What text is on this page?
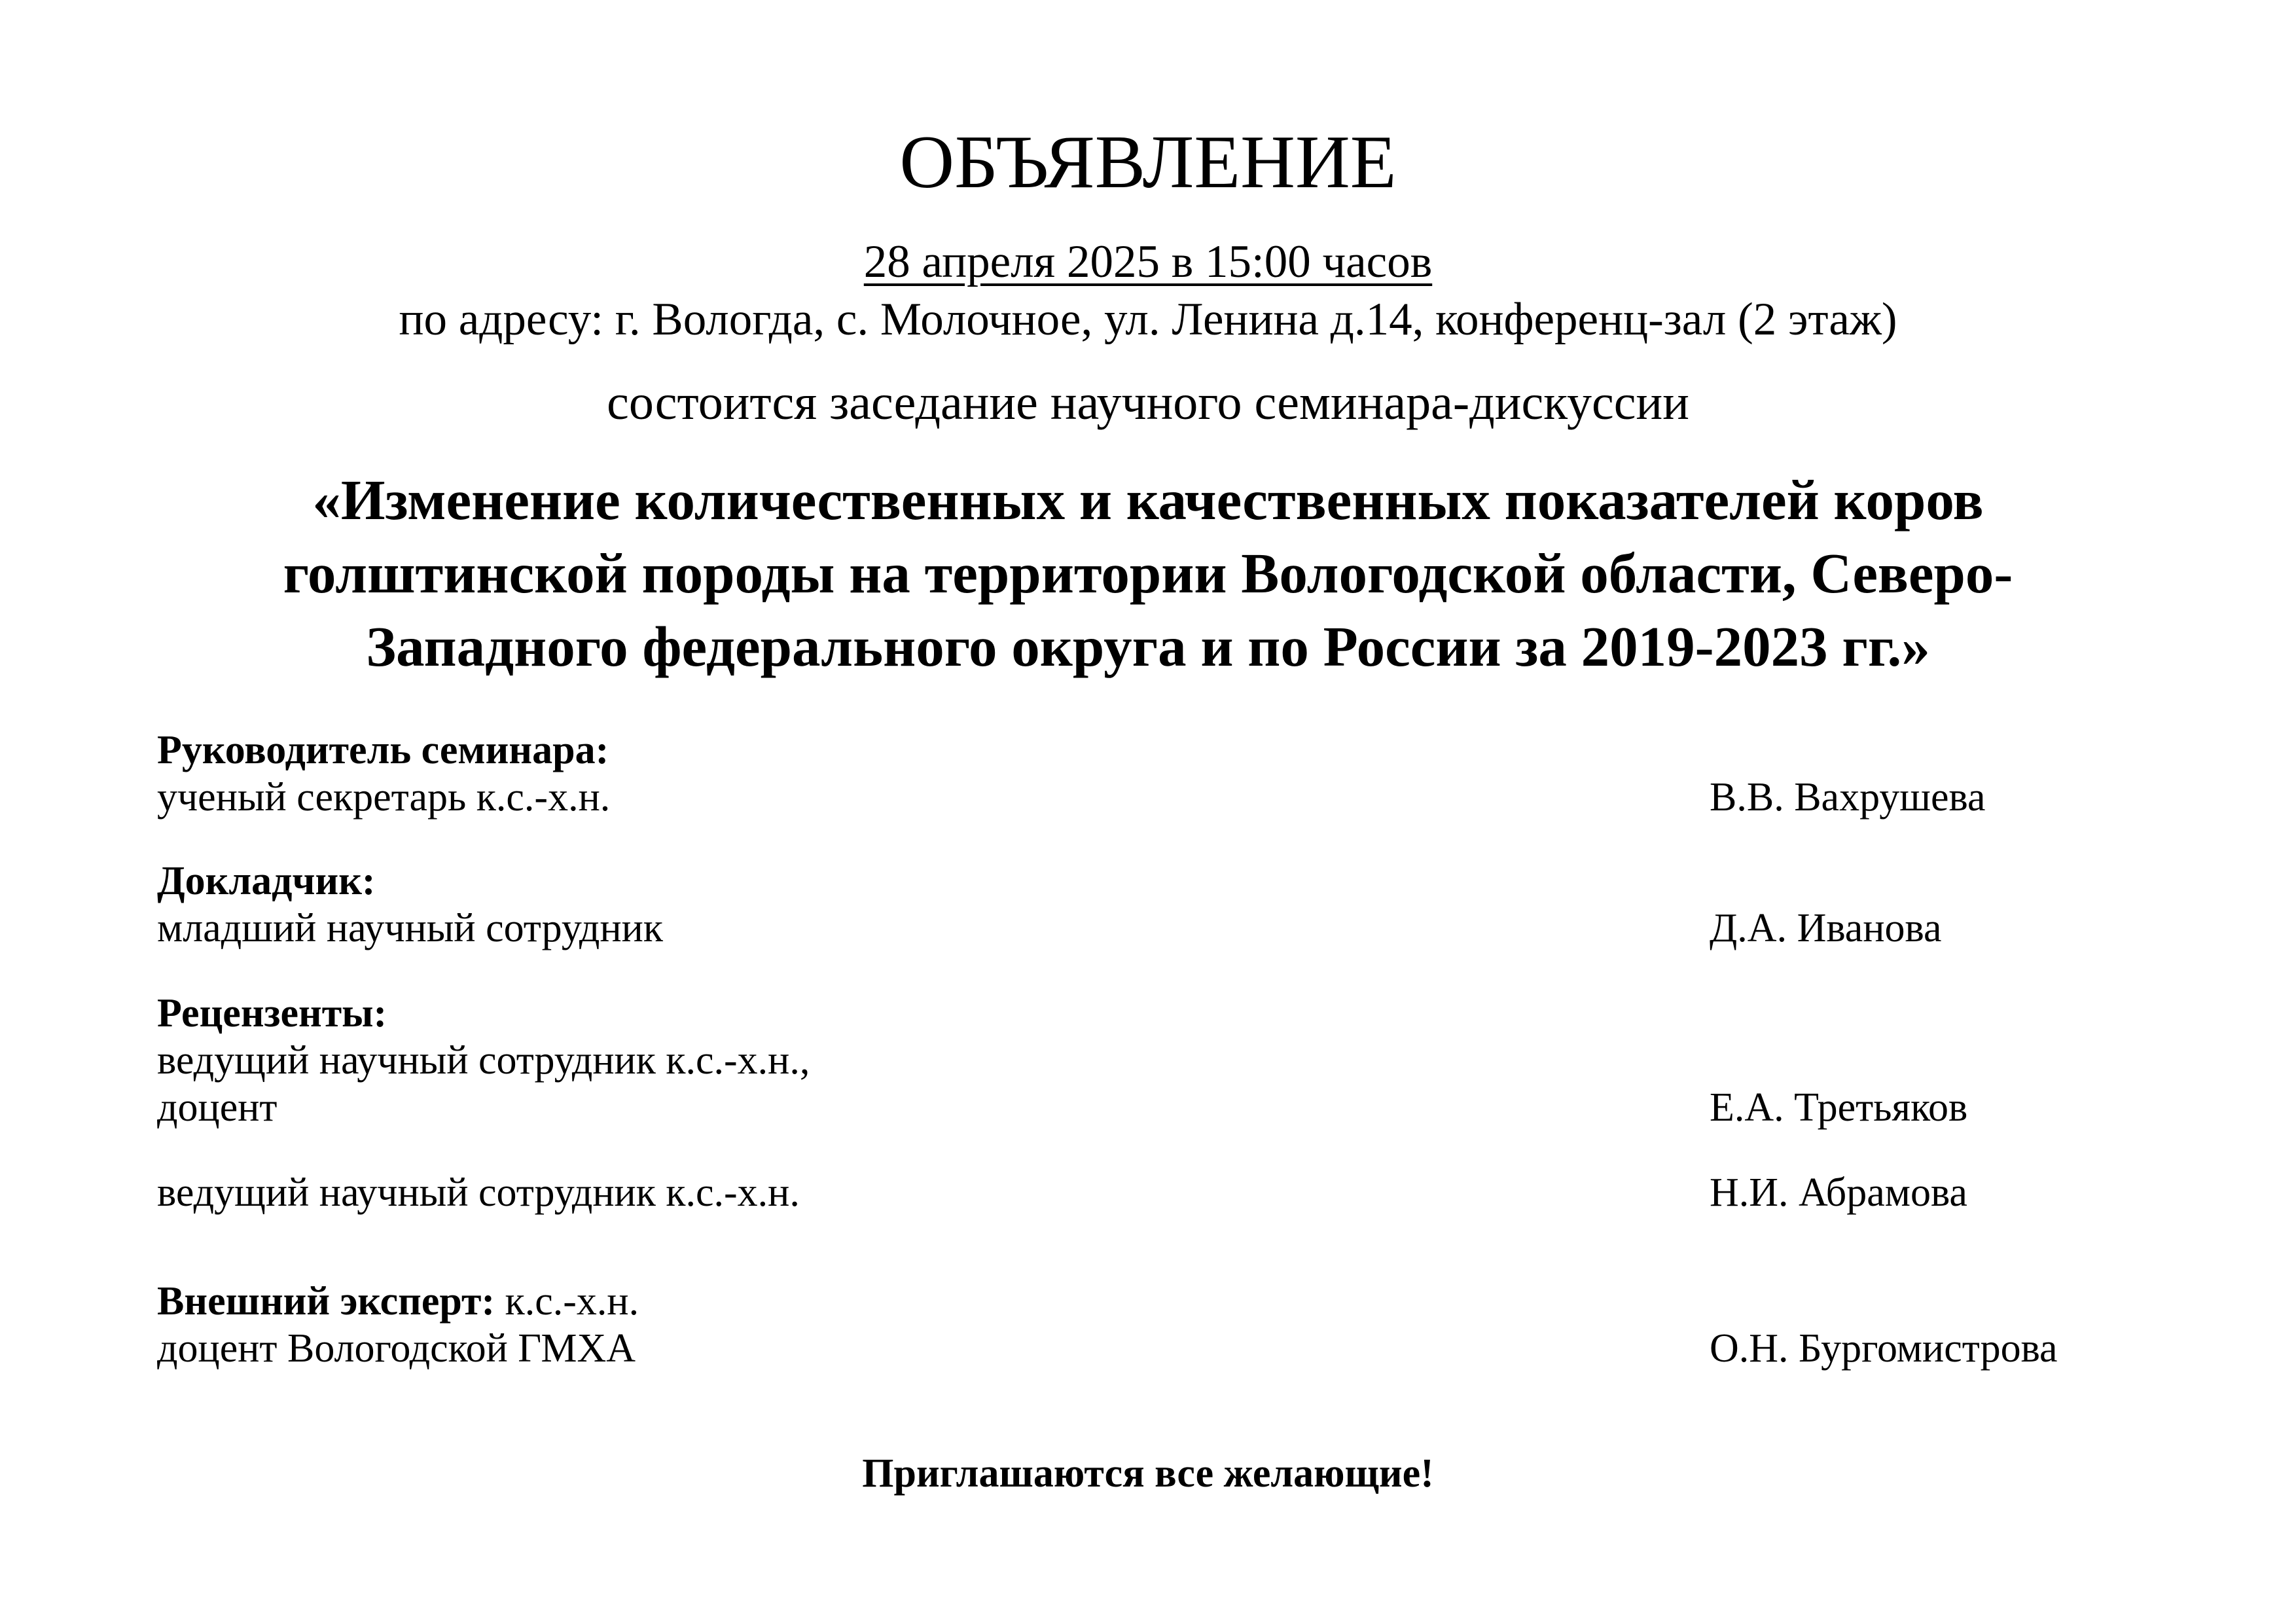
ОБЪЯВЛЕНИЕ
28 апреля 2025 в 15:00 часов
по адресу: г. Вологда, с. Молочное, ул. Ленина д.14, конференц-зал (2 этаж)
состоится заседание научного семинара-дискуссии
«Изменение количественных и качественных показателей коров
голштинской породы на территории Вологодской области, Северо-
Западного федерального округа и по России за 2019-2023 гг.»
Руководитель семинара:
ученый секретарь к.с.-х.н.	В.В. Вахрушева
Докладчик:
младший научный сотрудник	Д.А. Иванова
Рецензенты:
ведущий научный сотрудник к.с.-х.н.,
доцент	Е.А. Третьяков
ведущий научный сотрудник к.с.-х.н.	Н.И. Абрамова
Внешний эксперт: к.с.-х.н.
доцент Вологодской ГМХА	О.Н. Бургомистрова
Приглашаются все желающие!
